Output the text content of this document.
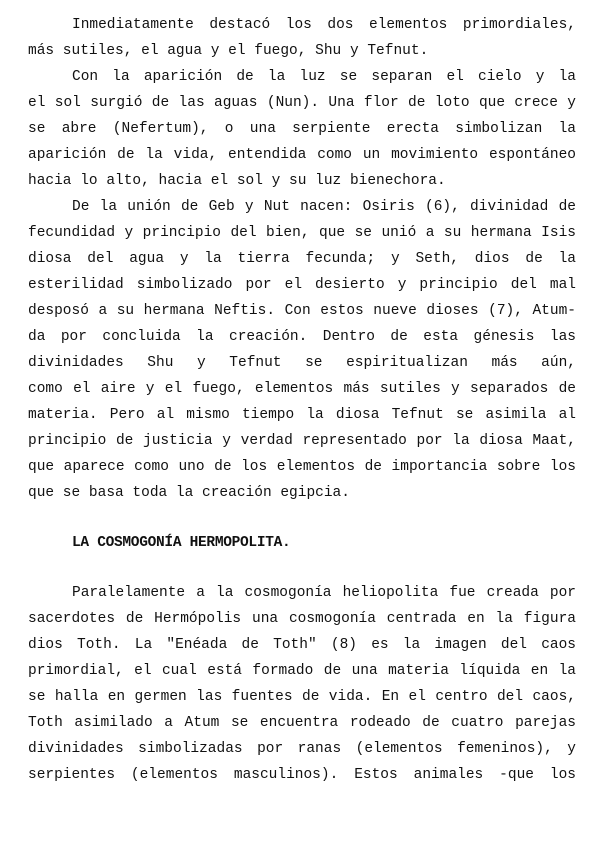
Inmediatamente destacó los dos elementos primordiales,
más sutiles, el agua y el fuego, Shu y Tefnut.
Con la aparición de la luz se separan el cielo y la
el sol surgió de las aguas (Nun). Una flor de loto que crece y
se abre (Nefertum), o una serpiente erecta simbolizan la
aparición de la vida, entendida como un movimiento espontáneo
hacia lo alto, hacia el sol y su luz bienechora.
De la unión de Geb y Nut nacen: Osiris (6), divinidad de
fecundidad y principio del bien, que se unió a su hermana Isis
diosa del agua y la tierra fecunda; y Seth, dios de la
esterilidad simbolizado por el desierto y principio del mal
desposó a su hermana Neftis. Con estos nueve dioses (7), Atum-
da por concluida la creación. Dentro de esta génesis las
divinidades Shu y Tefnut se espiritualizan más aún,
como el aire y el fuego, elementos más sutiles y separados de
materia. Pero al mismo tiempo la diosa Tefnut se asimila al
principio de justicia y verdad representado por la diosa Maat,
que aparece como uno de los elementos de importancia sobre los
que se basa toda la creación egipcia.
LA COSMOGONÍA HERMOPOLITA.
Paralelamente a la cosmogonía heliopolita fue creada por
sacerdotes de Hermópolis una cosmogonía centrada en la figura
dios Toth. La "Enéada de Toth" (8) es la imagen del caos
primordial, el cual está formado de una materia líquida en la
se halla en germen las fuentes de vida. En el centro del caos,
Toth asimilado a Atum se encuentra rodeado de cuatro parejas
divinidades simbolizadas por ranas (elementos femeninos), y
serpientes (elementos masculinos). Estos animales -que los
